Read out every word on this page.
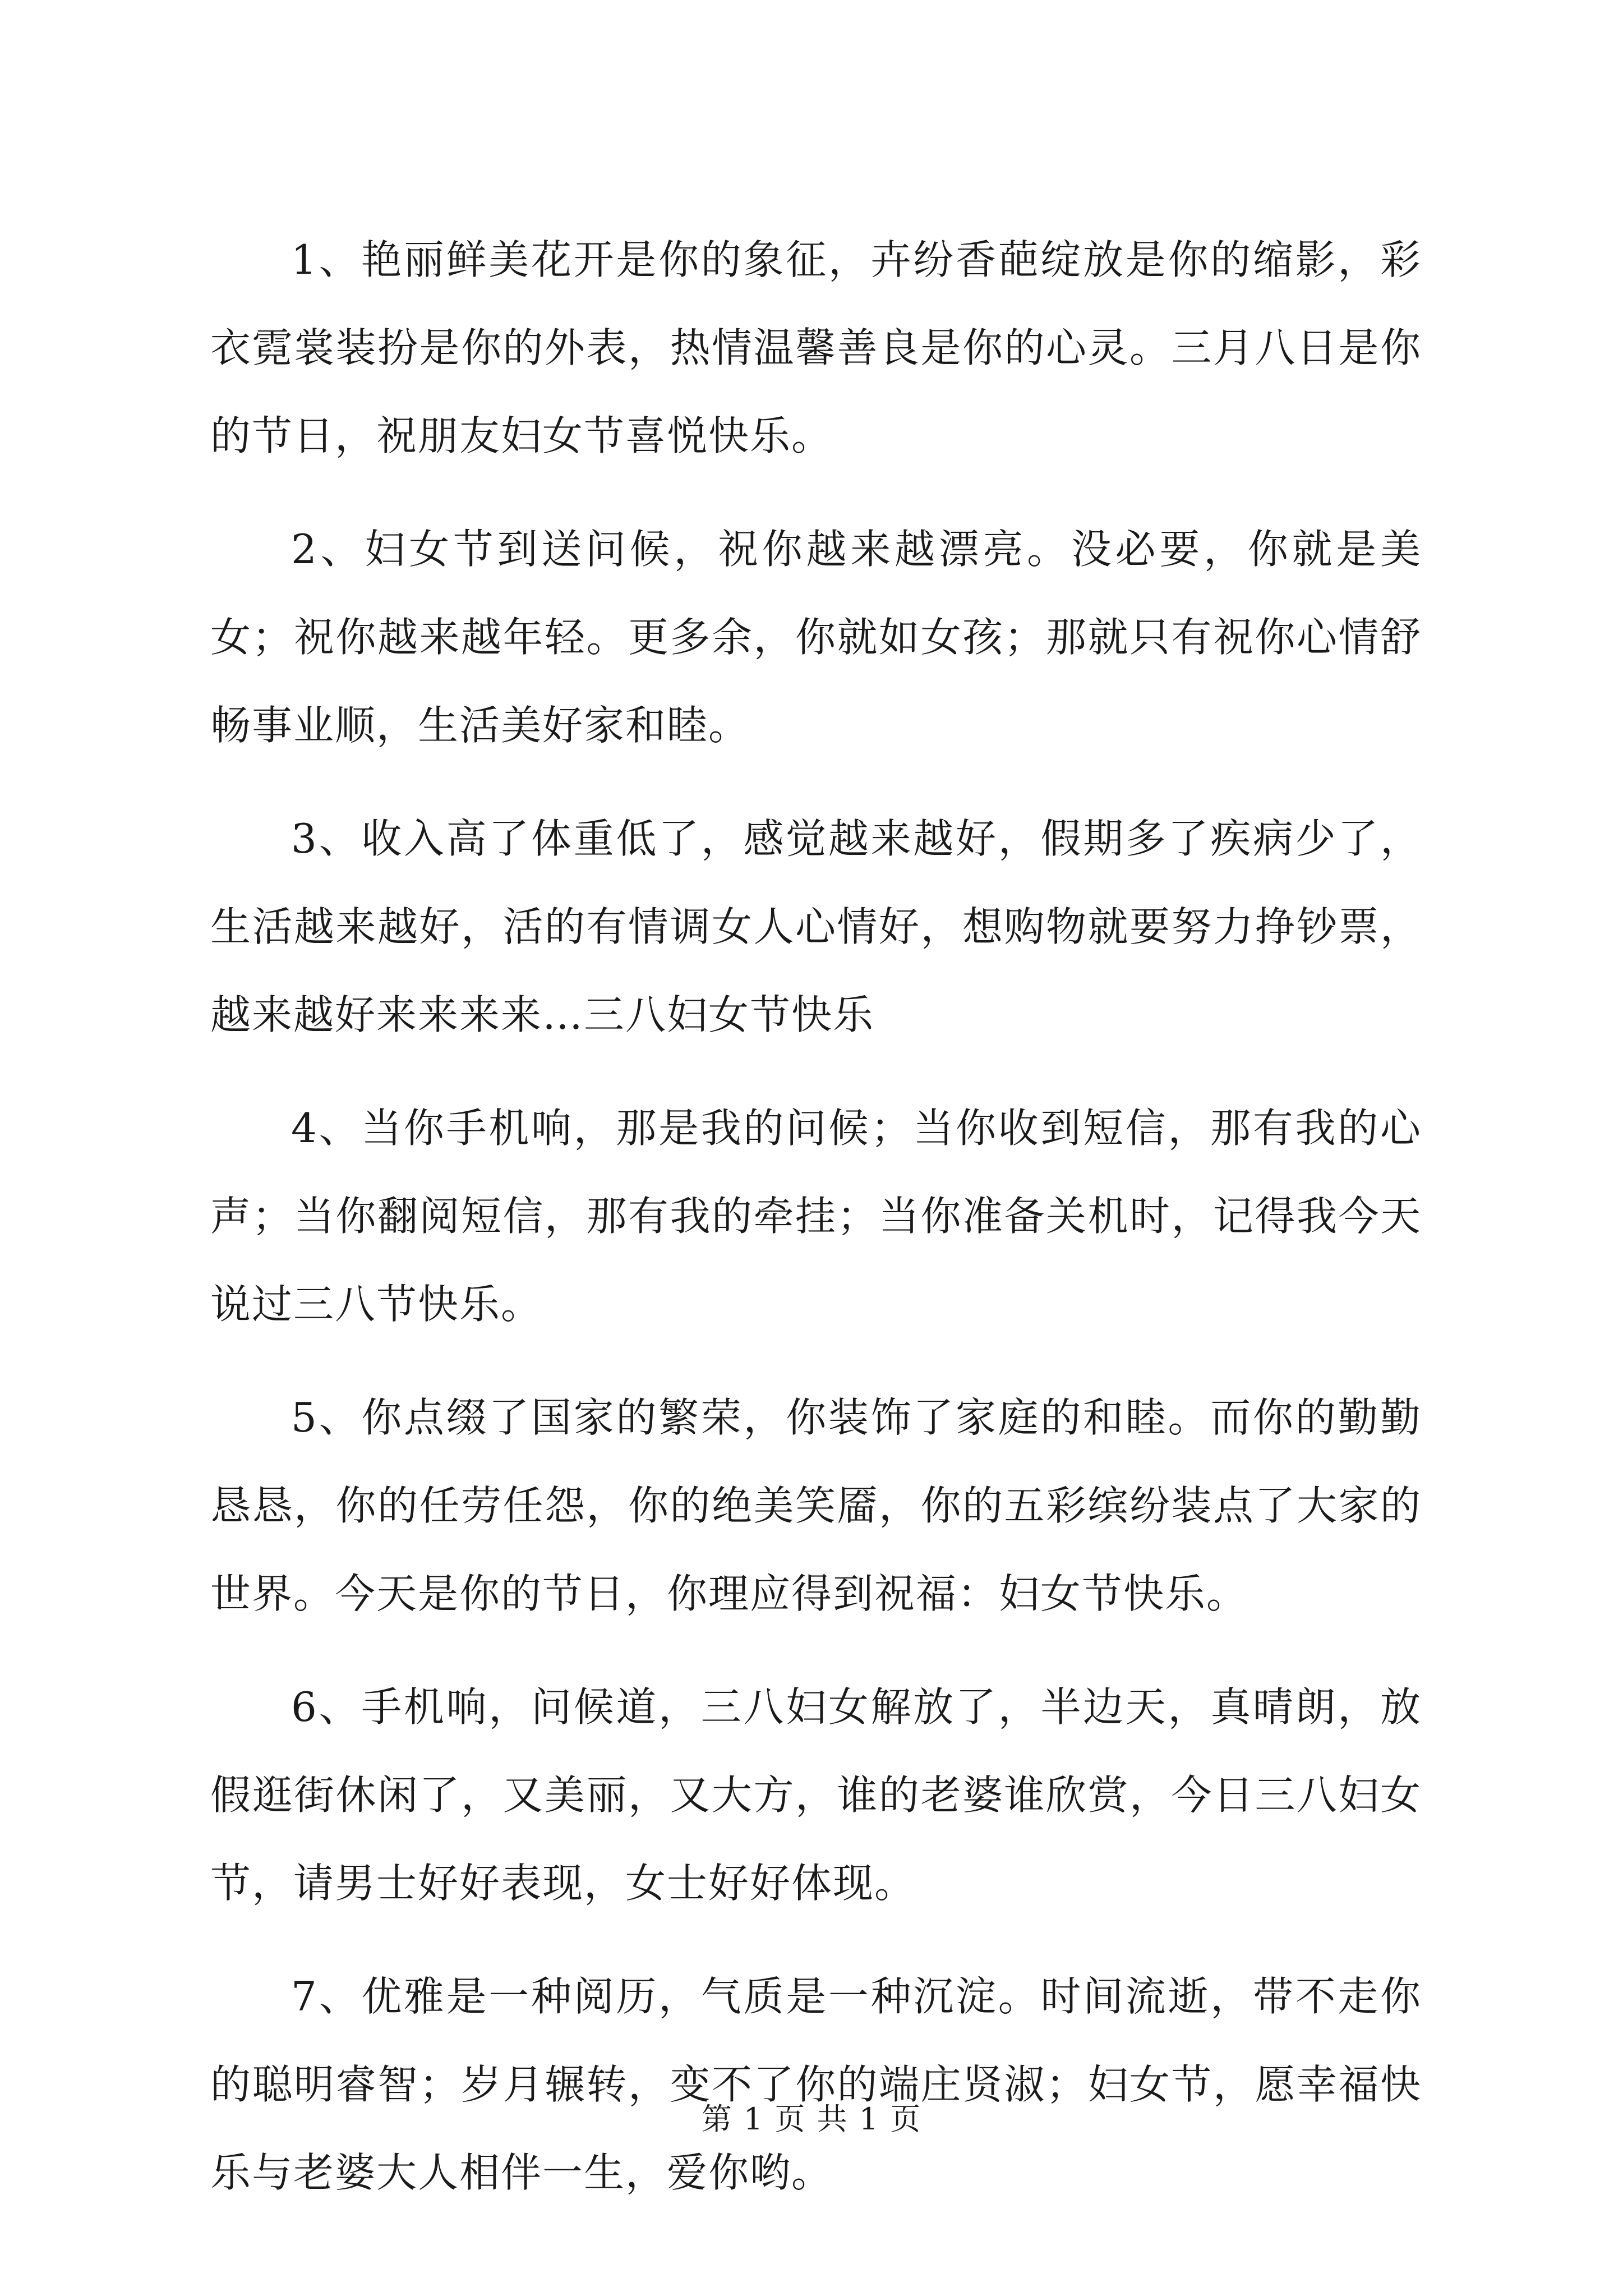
1、艳丽鲜美花开是你的象征，卉纷香葩绽放是你的缩影，彩衣霓裳装扮是你的外表，热情温馨善良是你的心灵。三月八日是你的节日，祝朋友妇女节喜悦快乐。

2、妇女节到送问候，祝你越来越漂亮。没必要，你就是美女；祝你越来越年轻。更多余，你就如女孩；那就只有祝你心情舒畅事业顺，生活美好家和睦。

3、收入高了体重低了，感觉越来越好，假期多了疾病少了，生活越来越好，活的有情调女人心情好，想购物就要努力挣钞票，越来越好来来来来…三八妇女节快乐

4、当你手机响，那是我的问候；当你收到短信，那有我的心声；当你翻阅短信，那有我的牵挂；当你准备关机时，记得我今天说过三八节快乐。

5、你点缀了国家的繁荣，你装饰了家庭的和睦。而你的勤勤恳恳，你的任劳任怨，你的绝美笑靥，你的五彩缤纷装点了大家的世界。今天是你的节日，你理应得到祝福：妇女节快乐。

6、手机响，问候道，三八妇女解放了，半边天，真晴朗，放假逛街休闲了，又美丽，又大方，谁的老婆谁欣赏，今日三八妇女节，请男士好好表现，女士好好体现。

7、优雅是一种阅历，气质是一种沉淀。时间流逝，带不走你的聪明睿智；岁月辗转，变不了你的端庄贤淑；妇女节，愿幸福快乐与老婆大人相伴一生，爱你哟。

第 1 页 共 1 页
